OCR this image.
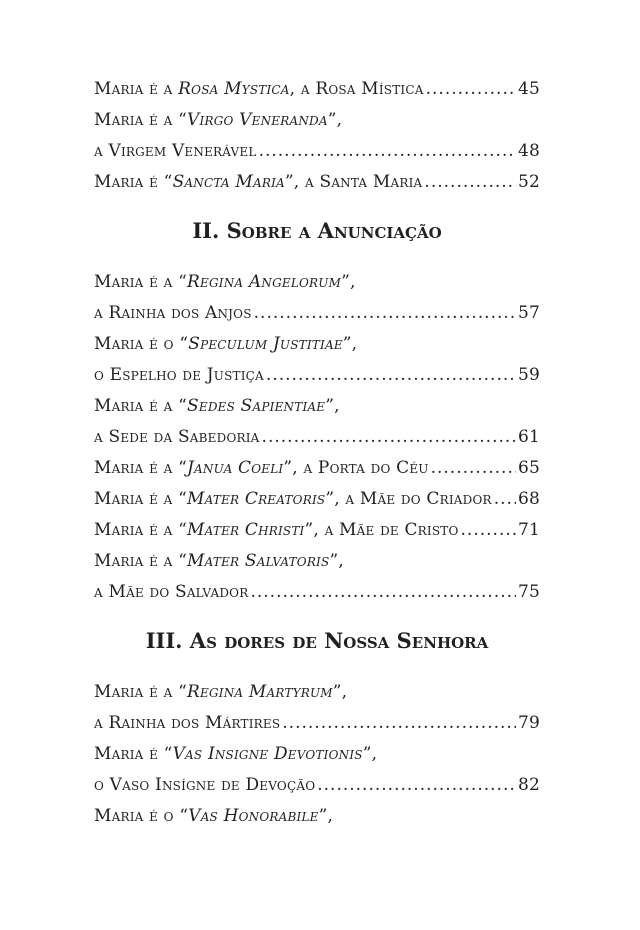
Maria é a Rosa Mystica, a Rosa Mística .....	45
Maria é a “Virgo Veneranda”,
a Virgem Venerável .....	48
Maria é “Sancta Maria”, a Santa Maria .....	52
II. Sobre a Anunciação
Maria é a “Regina Angelorum”,
a Rainha dos Anjos .....	57
Maria é o “Speculum Justitiae”,
o Espelho de Justiça .....	59
Maria é a “Sedes Sapientiae”,
a Sede da Sabedoria .....	61
Maria é a “Janua Coeli”, a Porta do Céu .....	65
Maria é a “Mater Creatoris”, a Mãe do Criador ..... 68
Maria é a “Mater Christi”, a Mãe de Cristo .....	71
Maria é a “Mater Salvatoris”,
a Mãe do Salvador .....	75
III. As dores de Nossa Senhora
Maria é a “Regina Martyrum”,
a Rainha dos Mártires .....	79
Maria é “Vas Insigne Devotionis”,
o Vaso Insígne de Devoção .....	82
Maria é o “Vas Honorabile”,
